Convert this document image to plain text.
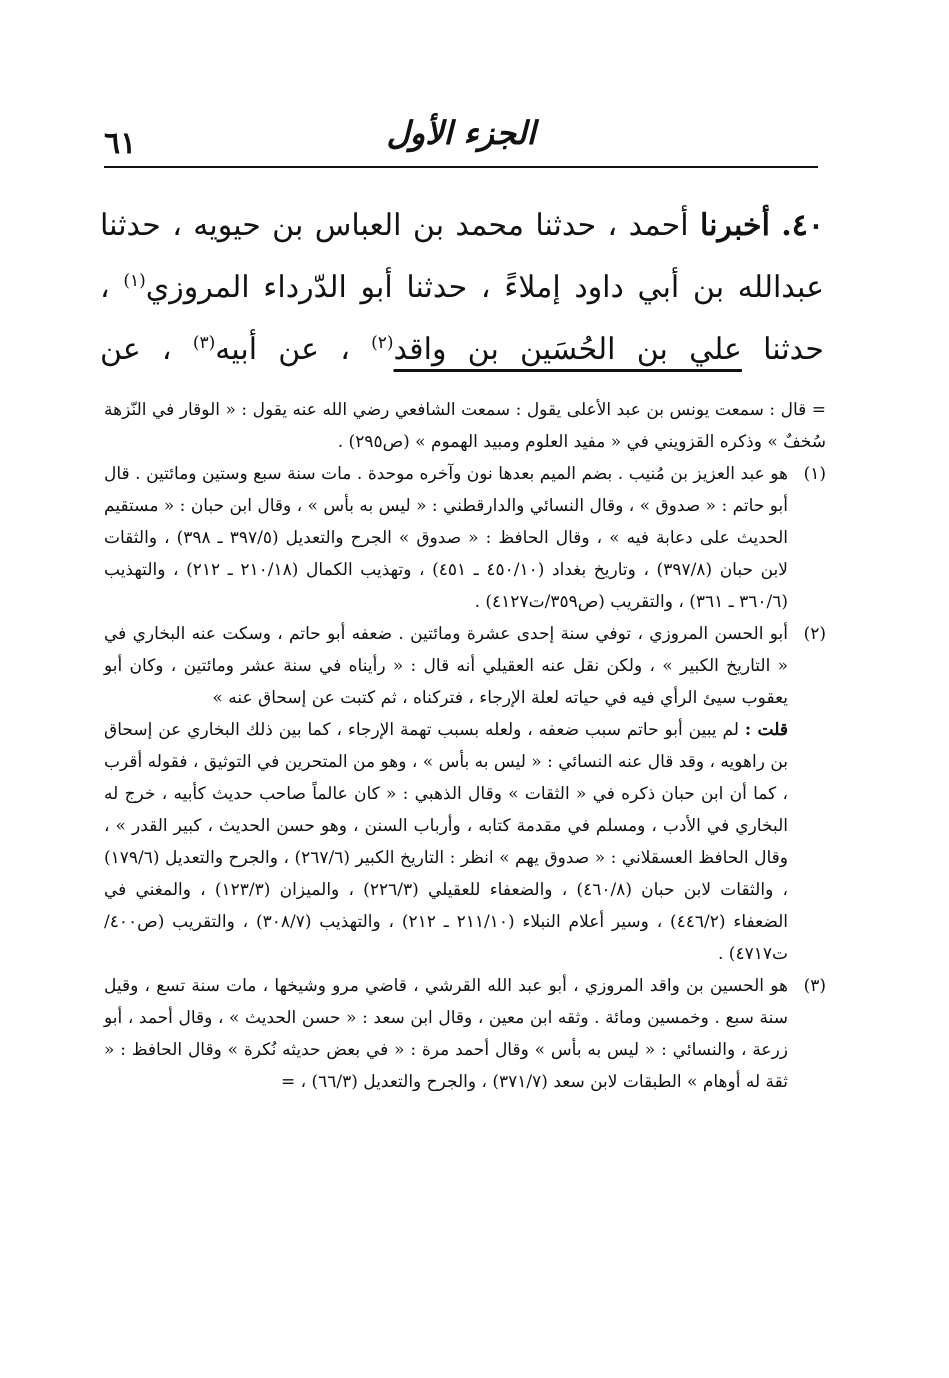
الجزء الأول
٦١

٤٠. أخبرنا أحمد ، حدثنا محمد بن العباس بن حيويه ، حدثنا

عبدالله بن أبي داود إملاءً ، حدثنا أبو الدّرداء المروزي$^{(١)}$ ،

حدثنا علي بن الحُسَين بن واقد$^{(٢)}$ ، عن أبيه$^{(٣)}$ ، عن

= قال : سمعت يونس بن عبد الأعلى يقول : سمعت الشافعي رضي الله عنه يقول : « الوقار في النّزهة سُخفٌ » وذكره القزويني في « مفيد العلوم ومبيد الهموم » (ص٢٩٥) .

(١)
هو عبد العزيز بن مُنيب . بضم الميم بعدها نون وآخره موحدة . مات سنة سبع وستين ومائتين . قال أبو حاتم : « صدوق » ، وقال النسائي والدارقطني : « ليس به بأس » ، وقال ابن حبان : « مستقيم الحديث على دعابة فيه » ، وقال الحافظ : « صدوق » الجرح والتعديل (٣٩٧/٥ ـ ٣٩٨) ، والثقات لابن حبان (٣٩٧/٨) ، وتاريخ بغداد (٤٥٠/١٠ ـ ٤٥١) ، وتهذيب الكمال (٢١٠/١٨ ـ ٢١٢) ، والتهذيب (٣٦٠/٦ ـ ٣٦١) ، والتقريب (ص٣٥٩/ت٤١٢٧) .
(٢)
أبو الحسن المروزي ، توفي سنة إحدى عشرة ومائتين . ضعفه أبو حاتم ، وسكت عنه البخاري في « التاريخ الكبير » ، ولكن نقل عنه العقيلي أنه قال : « رأيناه في سنة عشر ومائتين ، وكان أبو يعقوب سيئ الرأي فيه في حياته لعلة الإرجاء ، فتركناه ، ثم كتبت عن إسحاق عنه »
قلت : لم يبين أبو حاتم سبب ضعفه ، ولعله بسبب تهمة الإرجاء ، كما بين ذلك البخاري عن إسحاق بن راهويه ، وقد قال عنه النسائي : « ليس به بأس » ، وهو من المتحرين في التوثيق ، فقوله أقرب ، كما أن ابن حبان ذكره في « الثقات » وقال الذهبي : « كان عالماً صاحب حديث كأبيه ، خرج له البخاري في الأدب ، ومسلم في مقدمة كتابه ، وأرباب السنن ، وهو حسن الحديث ، كبير القدر » ، وقال الحافظ العسقلاني : « صدوق يهم » انظر : التاريخ الكبير (٢٦٧/٦) ، والجرح والتعديل (١٧٩/٦) ، والثقات لابن حبان (٤٦٠/٨) ، والضعفاء للعقيلي (٢٢٦/٣) ، والميزان (١٢٣/٣) ، والمغني في الضعفاء (٤٤٦/٢) ، وسير أعلام النبلاء (٢١١/١٠ ـ ٢١٢) ، والتهذيب (٣٠٨/٧) ، والتقريب (ص٤٠٠/ت٤٧١٧) .
(٣)
هو الحسين بن واقد المروزي ، أبو عبد الله القرشي ، قاضي مرو وشيخها ، مات سنة تسع ، وقيل سنة سبع . وخمسين ومائة . وثقه ابن معين ، وقال ابن سعد : « حسن الحديث » ، وقال أحمد ، أبو زرعة ، والنسائي : « ليس به بأس » وقال أحمد مرة : « في بعض حديثه نُكرة » وقال الحافظ : « ثقة له أوهام » الطبقات لابن سعد (٣٧١/٧) ، والجرح والتعديل (٦٦/٣) ، =
